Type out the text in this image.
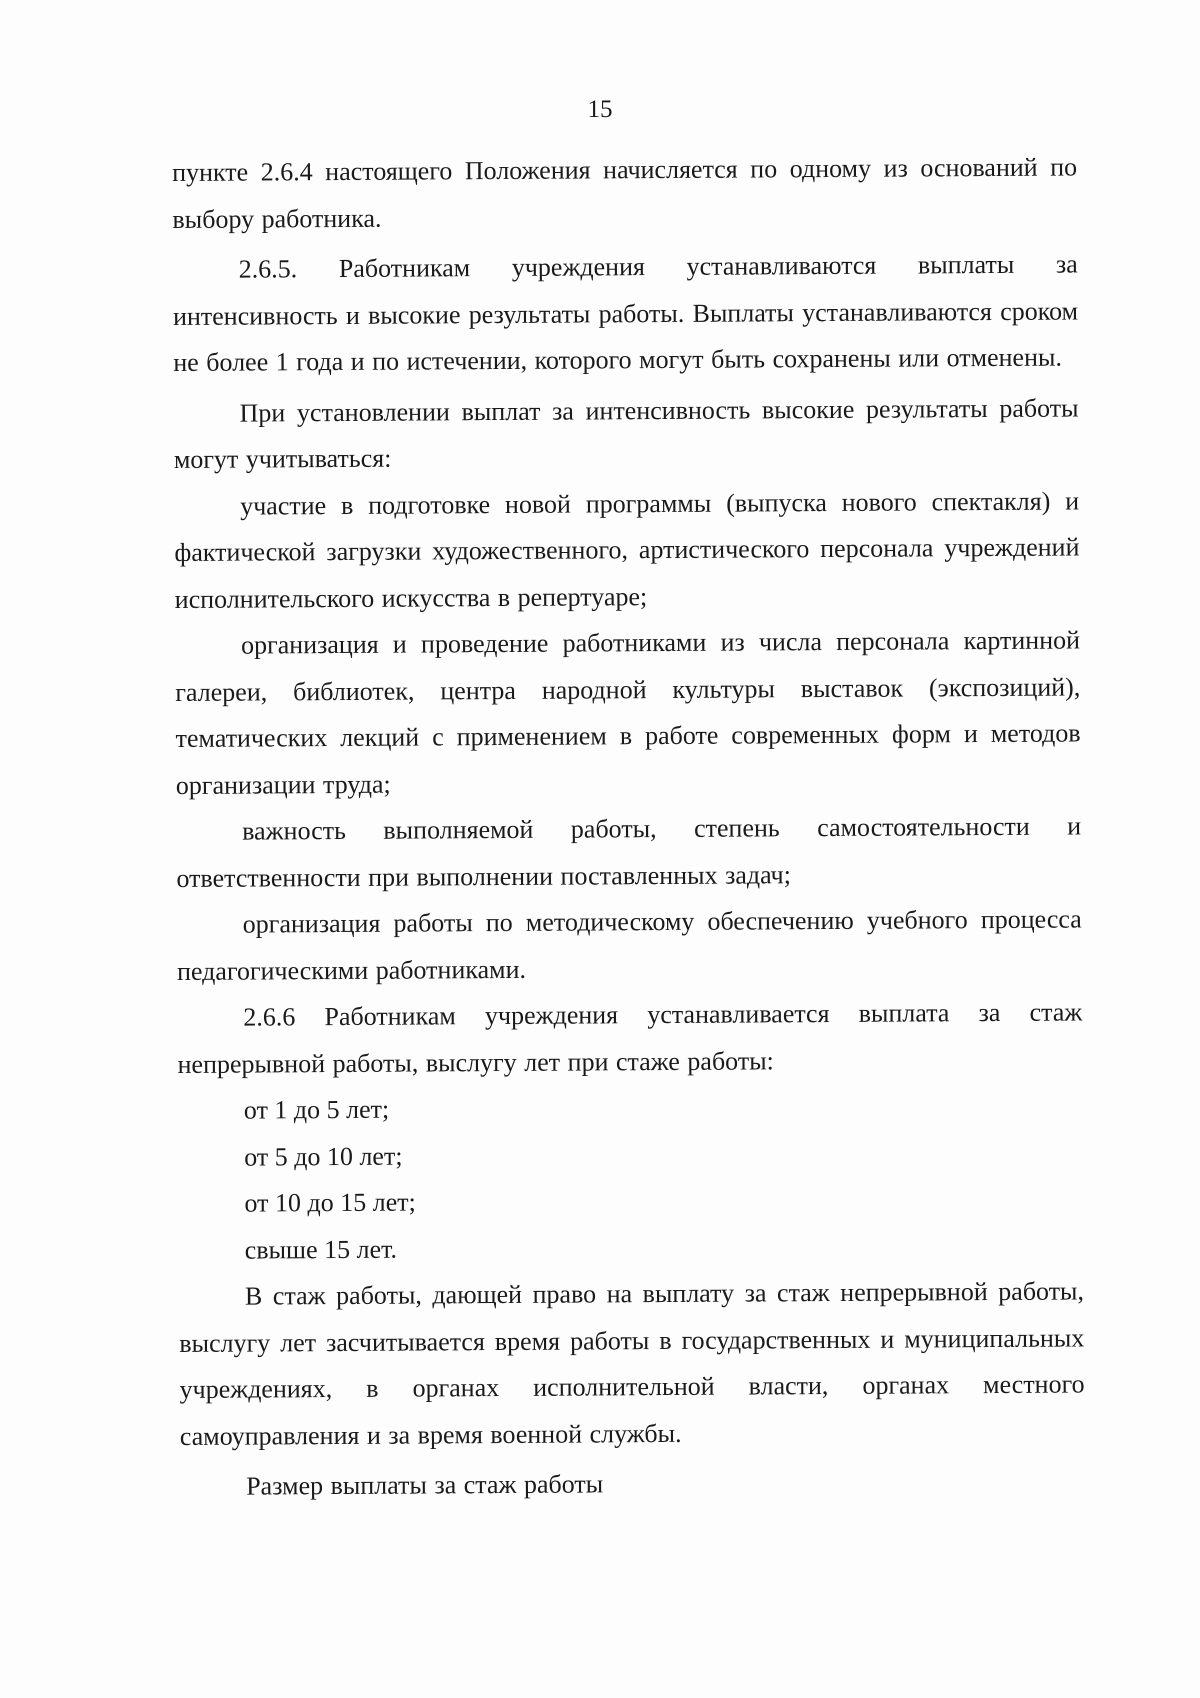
15

пункте 2.6.4 настоящего Положения начисляется по одному из оснований по выбору работника.

2.6.5. Работникам учреждения устанавливаются выплаты за интенсивность и высокие результаты работы. Выплаты устанавливаются сроком не более 1 года и по истечении, которого могут быть сохранены или отменены.

При установлении выплат за интенсивность высокие результаты работы могут учитываться:

участие в подготовке новой программы (выпуска нового спектакля) и фактической загрузки художественного, артистического персонала учреждений исполнительского искусства в репертуаре;

организация и проведение работниками из числа персонала картинной галереи, библиотек, центра народной культуры выставок (экспозиций), тематических лекций с применением в работе современных форм и методов организации труда;

важность выполняемой работы, степень самостоятельности и ответственности при выполнении поставленных задач;

организация работы по методическому обеспечению учебного процесса педагогическими работниками.

2.6.6 Работникам учреждения устанавливается выплата за стаж непрерывной работы, выслугу лет при стаже работы:

от 1 до 5 лет;

от 5 до 10 лет;

от 10 до 15 лет;

свыше 15 лет.

В стаж работы, дающей право на выплату за стаж непрерывной работы, выслугу лет засчитывается время работы в государственных и муниципальных учреждениях, в органах исполнительной власти, органах местного самоуправления и за время военной службы.

Размер выплаты за стаж работы
